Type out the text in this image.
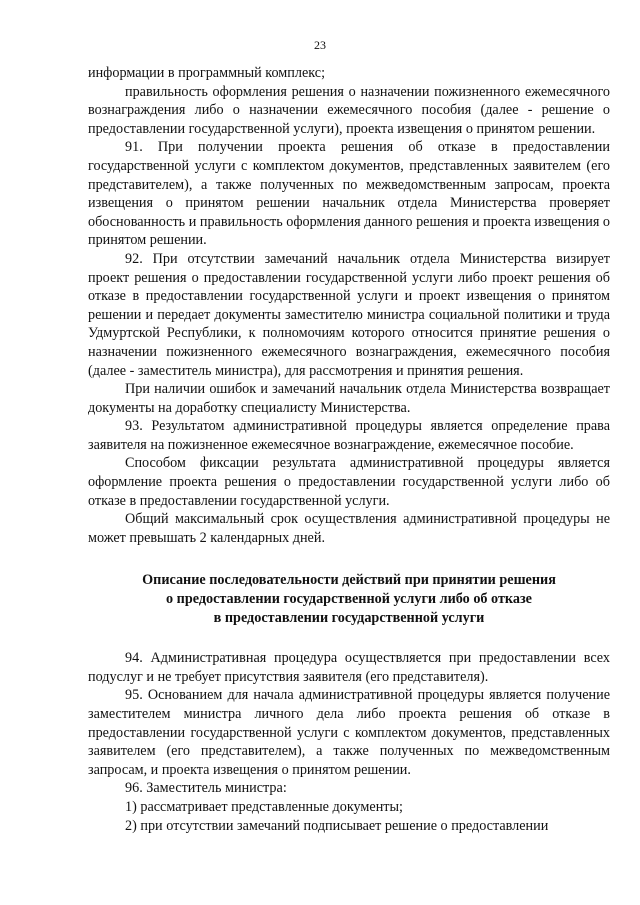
23

информации в программный комплекс;

правильность оформления решения о назначении пожизненного ежемесячного вознаграждения либо о назначении ежемесячного пособия (далее - решение о предоставлении государственной услуги), проекта извещения о принятом решении.

91. При получении проекта решения об отказе в предоставлении государственной услуги с комплектом документов, представленных заявителем (его представителем), а также полученных по межведомственным запросам, проекта извещения о принятом решении начальник отдела Министерства проверяет обоснованность и правильность оформления данного решения и проекта извещения о принятом решении.

92. При отсутствии замечаний начальник отдела Министерства визирует проект решения о предоставлении государственной услуги либо проект решения об отказе в предоставлении государственной услуги и проект извещения о принятом решении и передает документы заместителю министра социальной политики и труда Удмуртской Республики, к полномочиям которого относится принятие решения о назначении пожизненного ежемесячного вознаграждения, ежемесячного пособия (далее - заместитель министра), для рассмотрения и принятия решения.

При наличии ошибок и замечаний начальник отдела Министерства возвращает документы на доработку специалисту Министерства.

93. Результатом административной процедуры является определение права заявителя на пожизненное ежемесячное вознаграждение, ежемесячное пособие.

Способом фиксации результата административной процедуры является оформление проекта решения о предоставлении государственной услуги либо об отказе в предоставлении государственной услуги.

Общий максимальный срок осуществления административной процедуры не может превышать 2 календарных дней.

Описание последовательности действий при принятии решения
о предоставлении государственной услуги либо об отказе
в предоставлении государственной услуги

94. Административная процедура осуществляется при предоставлении всех подуслуг и не требует присутствия заявителя (его представителя).

95. Основанием для начала административной процедуры является получение заместителем министра личного дела либо проекта решения об отказе в предоставлении государственной услуги с комплектом документов, представленных заявителем (его представителем), а также полученных по межведомственным запросам, и проекта извещения о принятом решении.

96. Заместитель министра:

1) рассматривает представленные документы;

2) при отсутствии замечаний подписывает решение о предоставлении
